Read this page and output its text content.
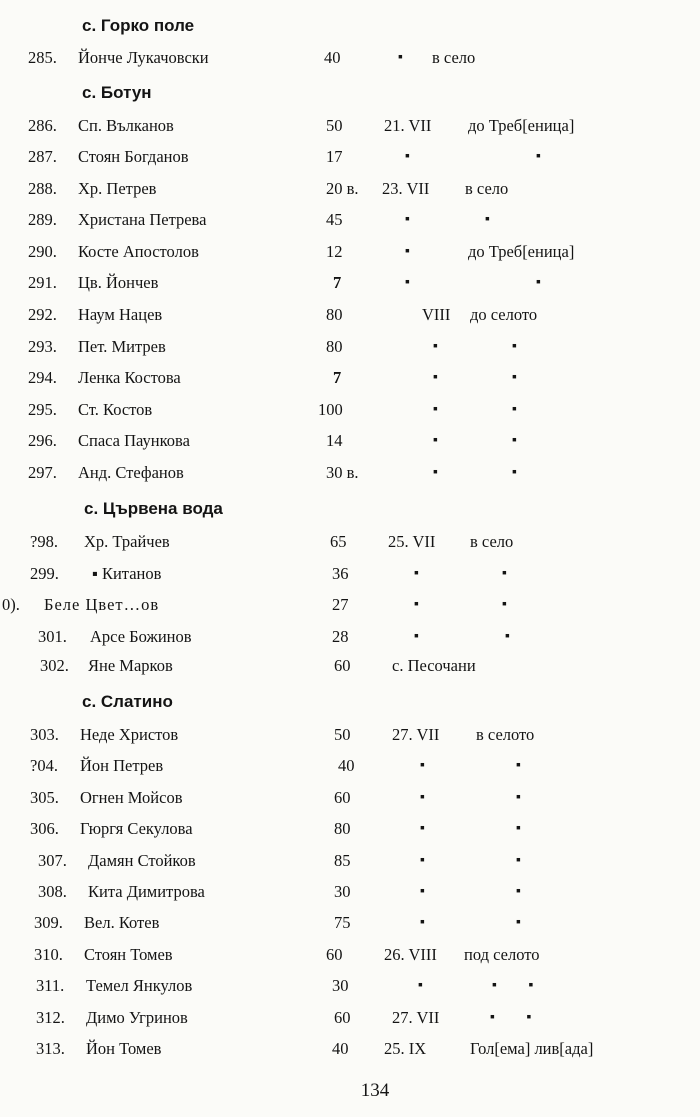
с. Горко поле
285. Йонче Лукачовски	40	▪ в село
с. Ботун
286. Сп. Вълканов	50	21. VII до Треб[еница]
287. Стоян Богданов	17	▪	▪
288. Хр. Петрев	20 в. 23. VII в село
289. Христана Петрева	45	▪	▪
290. Косте Апостолов	12	▪	до Треб[еница]
291. Цв. Йончев	7	▪	▪
292. Наум Нацев	80	VIII до селото
293. Пет. Митрев	80	▪	▪
294. Ленка Костова	7	▪	▪
295. Ст. Костов	100	▪	▪
296. Спаса Паункова	14	▪	▪
297. Анд. Стефанов	30 в.	▪	▪
с. Цървена вода
?98. Хр. Трайчев	65	25. VII в село
299. ▪ Китанов	36	▪	▪
0). Беле Цвет…ов	27	▪	▪
301. Арсе Божинов	28	▪	▪
302. Яне Марков	60	с. Песочани
с. Слатино
303. Неде Христов	50	27. VII в селото
?04. Йон Петрев	40	▪	▪
305. Огнен Мойсов	60	▪	▪
306. Гюргя Секулова	80	▪	▪
307. Дамян Стойков	85	▪	▪
308. Кита Димитрова	30	▪	▪
309. Вел. Котев	75	▪	▪
310. Стоян Томев	60	26. VIII под селото
311. Темел Янкулов	30	▪	▪ ▪
312. Димо Угринов	60	27. VII	▪ ▪
313. Йон Томев	40 25. IX	Гол[ема] лив[ада]
134
